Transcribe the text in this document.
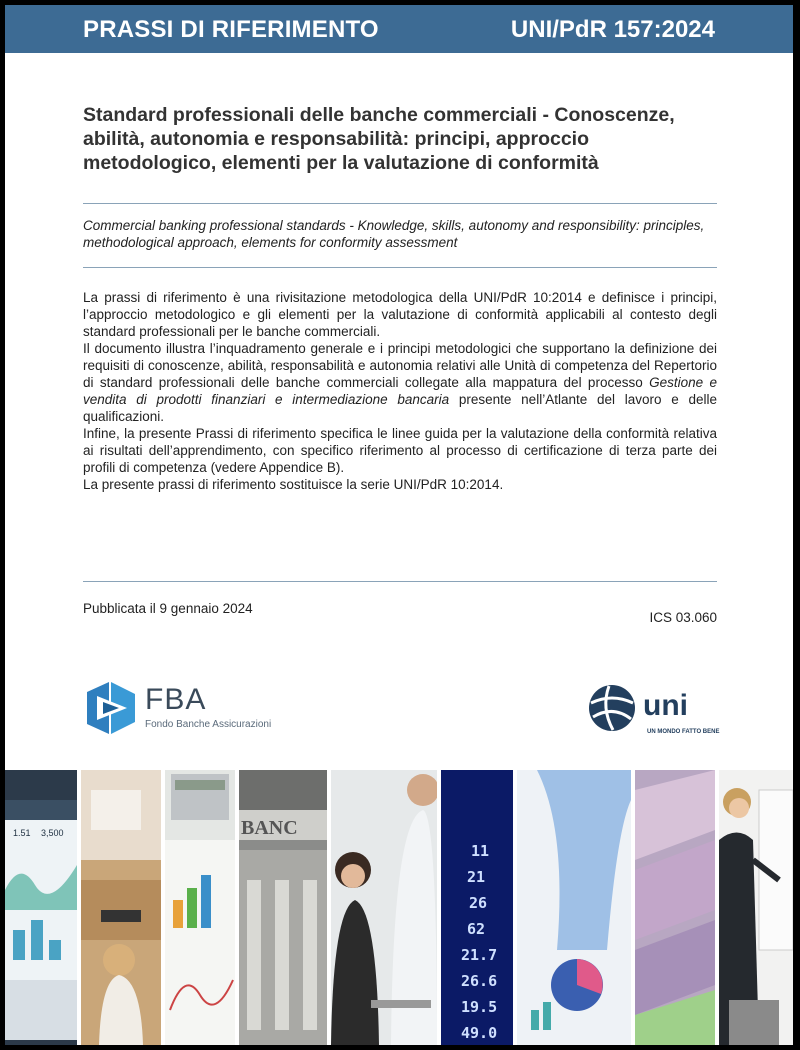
PRASSI DI RIFERIMENTO	UNI/PdR 157:2024
Standard professionali delle banche commerciali - Conoscenze, abilità, autonomia e responsabilità: principi, approccio metodologico, elementi per la valutazione di conformità
Commercial banking professional standards - Knowledge, skills, autonomy and responsibility: principles, methodological approach, elements for conformity assessment

La prassi di riferimento è una rivisitazione metodologica della UNI/PdR 10:2014 e definisce i principi, l’approccio metodologico e gli elementi per la valutazione di conformità applicabili al contesto degli standard professionali per le banche commerciali.

Il documento illustra l’inquadramento generale e i principi metodologici che supportano la definizione dei requisiti di conoscenze, abilità, responsabilità e autonomia relativi alle Unità di competenza del Repertorio di standard professionali delle banche commerciali collegate alla mappatura del processo Gestione e vendita di prodotti finanziari e intermediazione bancaria presente nell’Atlante del lavoro e delle qualificazioni.

Infine, la presente Prassi di riferimento specifica le linee guida per la valutazione della conformità relativa ai risultati dell’apprendimento, con specifico riferimento al processo di certificazione di terza parte dei profili di competenza (vedere Appendice B).

La presente prassi di riferimento sostituisce la serie UNI/PdR 10:2014.

Pubblicata il 9 gennaio 2024
ICS 03.060
FBA
Fondo Banche Assicurazioni
uni
UN MONDO FATTO BENE
1.51 3,500	BANC
11
21
26
62
21.7
26.6
19.5
49.0
